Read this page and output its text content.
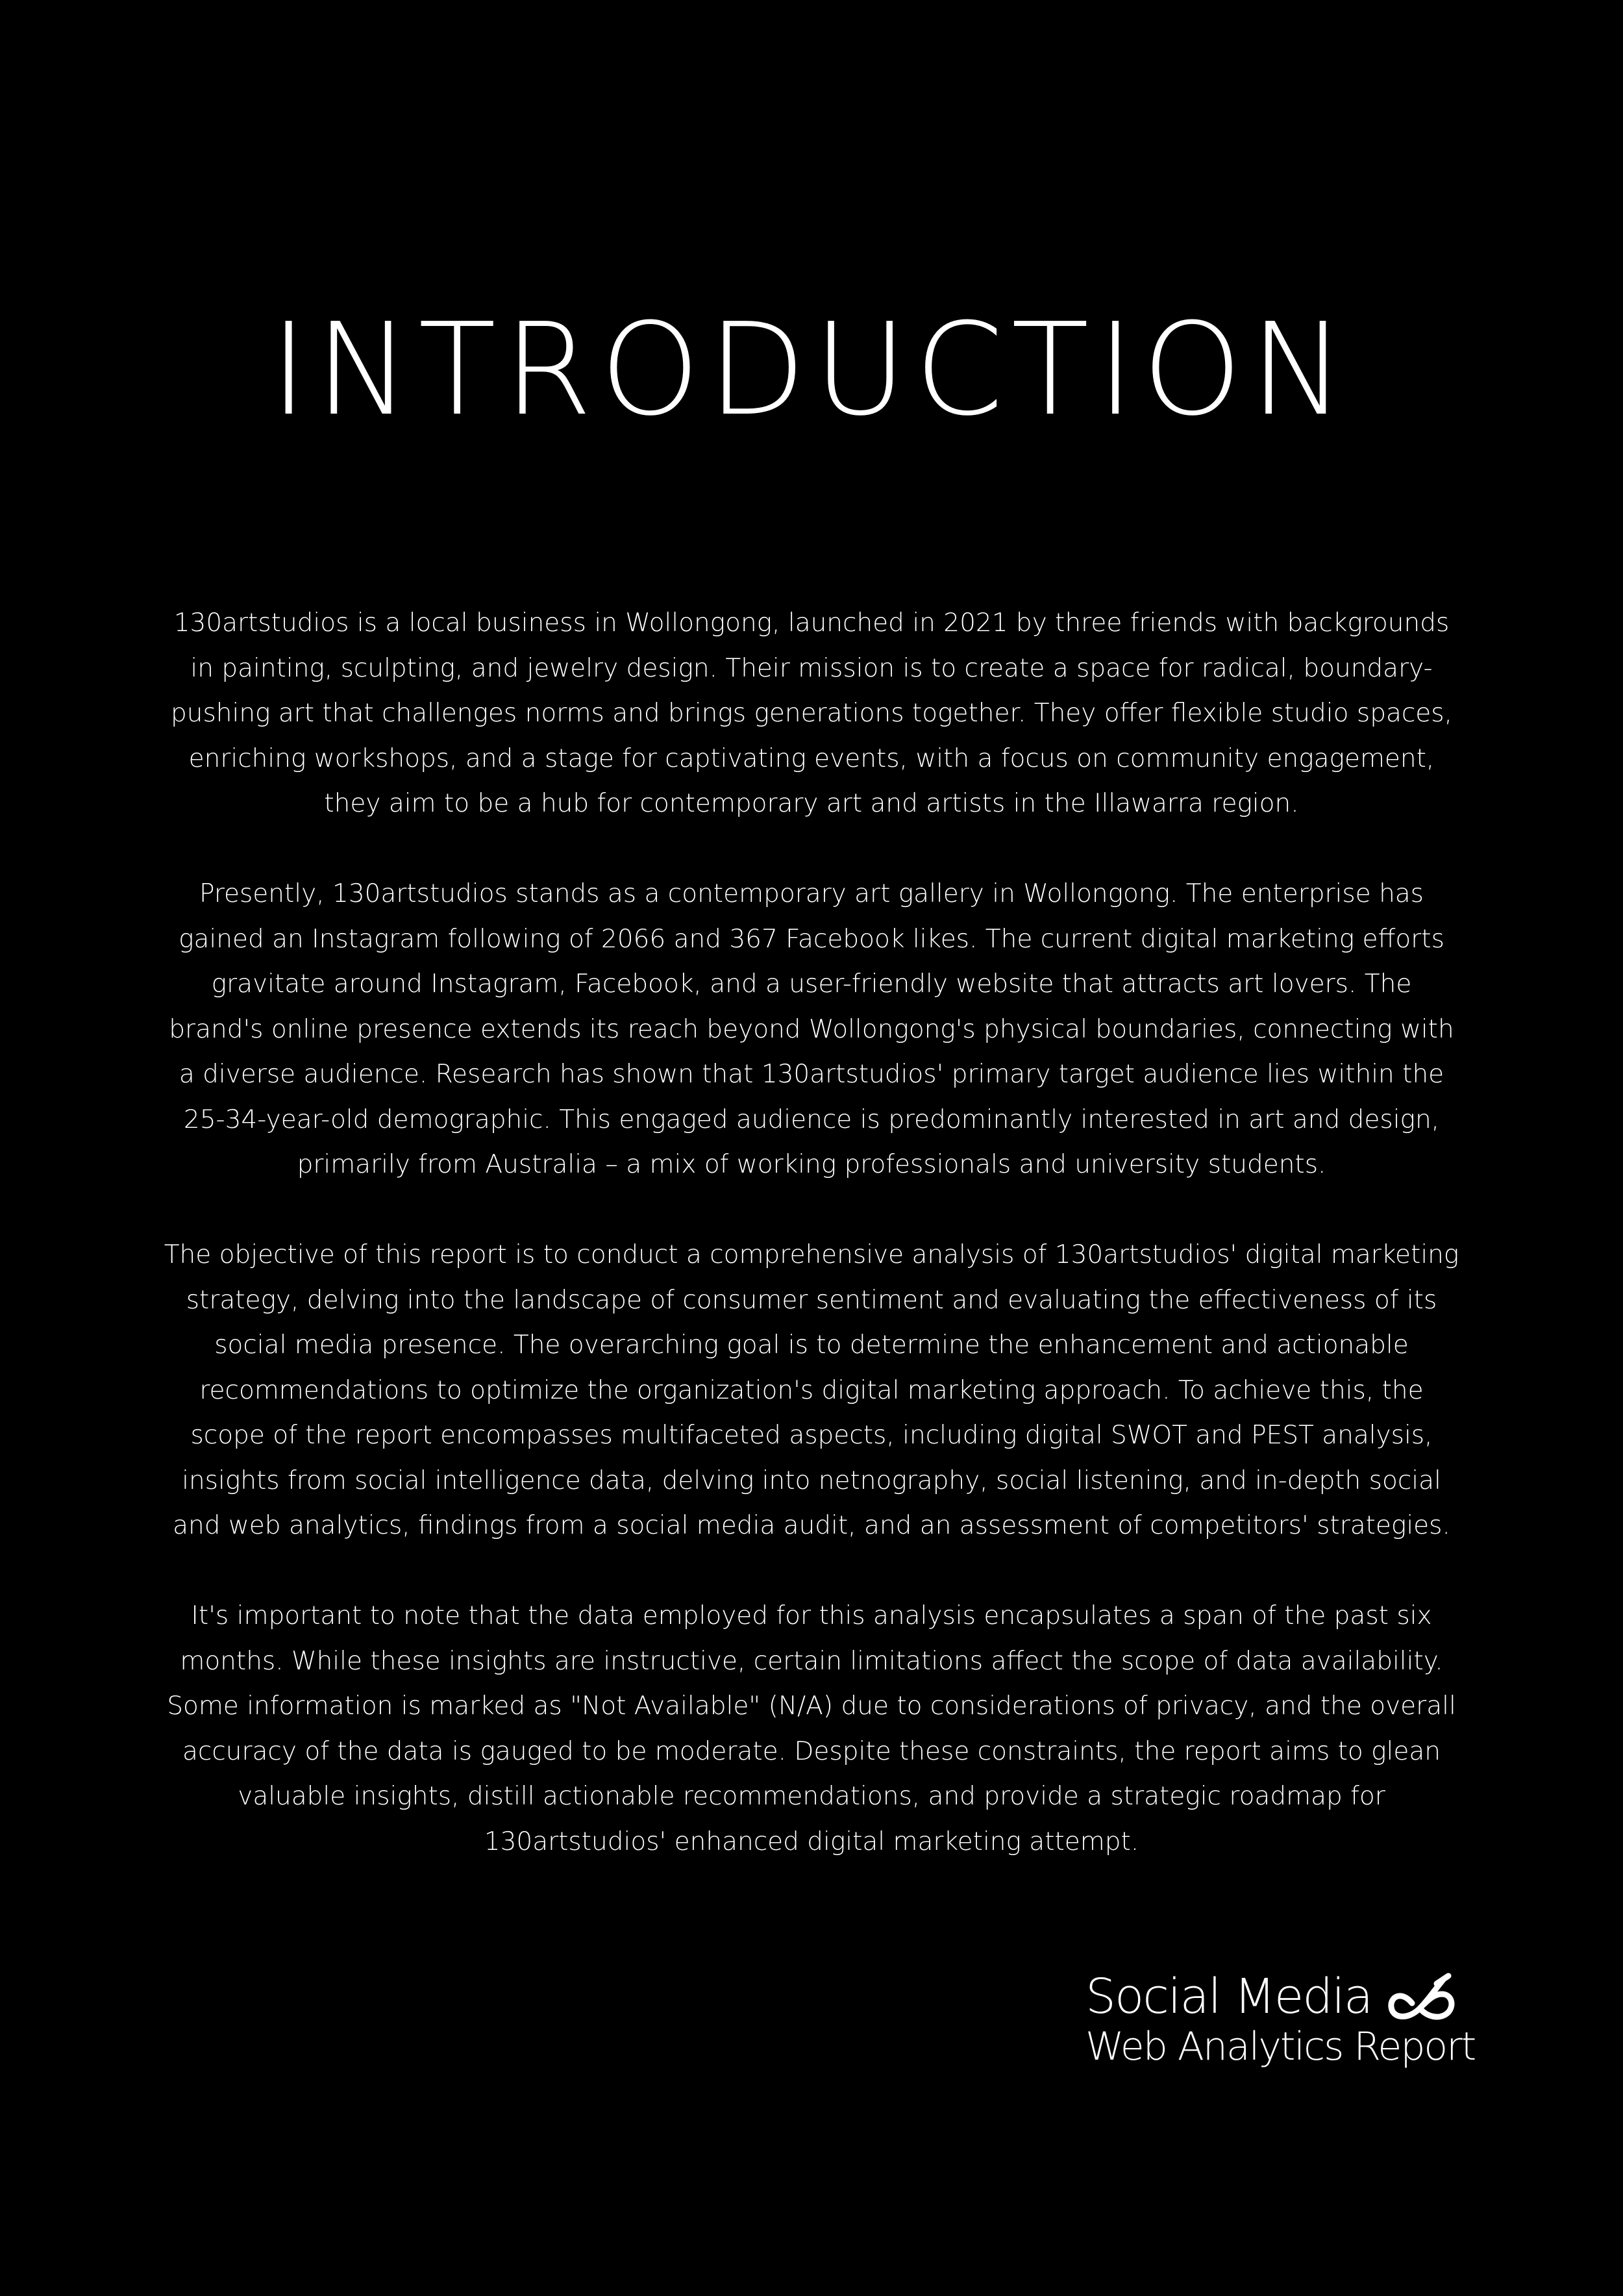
INTRODUCTION

130artstudios is a local business in Wollongong, launched in 2021 by three friends with backgrounds in painting, sculpting, and jewelry design. Their mission is to create a space for radical, boundary-pushing art that challenges norms and brings generations together. They offer flexible studio spaces, enriching workshops, and a stage for captivating events, with a focus on community engagement, they aim to be a hub for contemporary art and artists in the Illawarra region.

Presently, 130artstudios stands as a contemporary art gallery in Wollongong. The enterprise has gained an Instagram following of 2066 and 367 Facebook likes. The current digital marketing efforts gravitate around Instagram, Facebook, and a user-friendly website that attracts art lovers. The brand's online presence extends its reach beyond Wollongong's physical boundaries, connecting with a diverse audience. Research has shown that 130artstudios' primary target audience lies within the 25-34-year-old demographic. This engaged audience is predominantly interested in art and design, primarily from Australia – a mix of working professionals and university students.

The objective of this report is to conduct a comprehensive analysis of 130artstudios' digital marketing strategy, delving into the landscape of consumer sentiment and evaluating the effectiveness of its social media presence. The overarching goal is to determine the enhancement and actionable recommendations to optimize the organization's digital marketing approach. To achieve this, the scope of the report encompasses multifaceted aspects, including digital SWOT and PEST analysis, insights from social intelligence data, delving into netnography, social listening, and in-depth social and web analytics, findings from a social media audit, and an assessment of competitors' strategies.

It's important to note that the data employed for this analysis encapsulates a span of the past six months. While these insights are instructive, certain limitations affect the scope of data availability. Some information is marked as "Not Available" (N/A) due to considerations of privacy, and the overall accuracy of the data is gauged to be moderate. Despite these constraints, the report aims to glean valuable insights, distill actionable recommendations, and provide a strategic roadmap for 130artstudios' enhanced digital marketing attempt.

Social Media
Web Analytics Report
